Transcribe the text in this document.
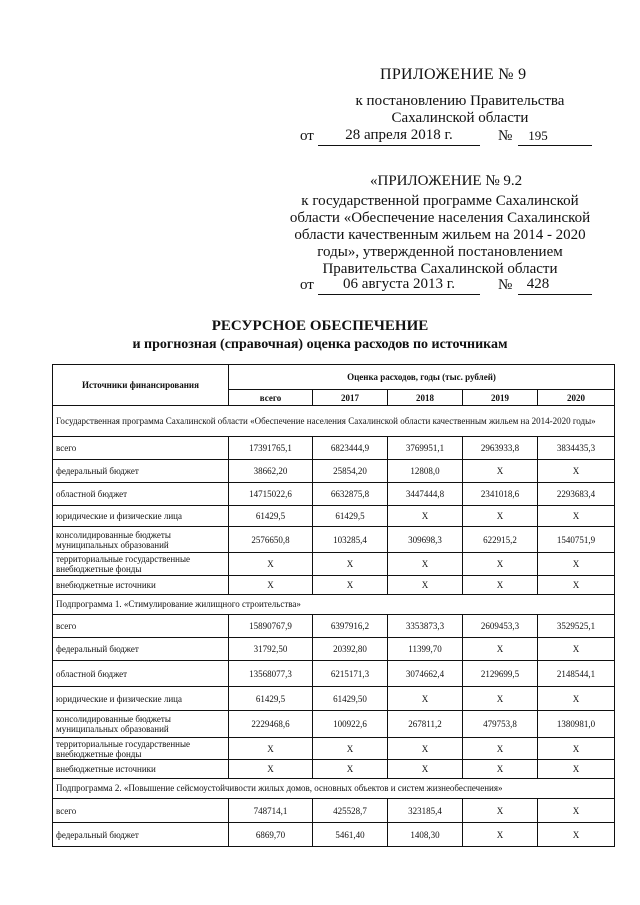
ПРИЛОЖЕНИЕ № 9
к постановлению Правительства
Сахалинской области
от	28 апреля 2018 г.	№	195
«ПРИЛОЖЕНИЕ № 9.2
к государственной программе Сахалинской
области «Обеспечение населения Сахалинской
области качественным жильем на 2014 - 2020
годы», утвержденной постановлением
Правительства Сахалинской области
от	06 августа 2013 г.	№ 428
РЕСУРСНОЕ ОБЕСПЕЧЕНИЕ
и прогнозная (справочная) оценка расходов по источникам
Источники финансирования	Оценка расходов, годы (тыс. рублей)				
	всего	2017	2018	2019	2020
Государственная программа Сахалинской области «Обеспечение населения Сахалинской области качественным жильем на 2014-2020 годы»					
всего	17391765,1	6823444,9	3769951,1	2963933,8	3834435,3
федеральный бюджет	38662,20	25854,20	12808,0	X	X
областной бюджет	14715022,6	6632875,8	3447444,8	2341018,6	2293683,4
юридические и физические лица	61429,5	61429,5	X	X	X
консолидированные бюджеты муниципальных образований	2576650,8	103285,4	309698,3	622915,2	1540751,9
территориальные государственные внебюджетные фонды	X	X	X	X	X
внебюджетные источники	X	X	X	X	X
Подпрограмма 1. «Стимулирование жилищного строительства»					
всего	15890767,9	6397916,2	3353873,3	2609453,3	3529525,1
федеральный бюджет	31792,50	20392,80	11399,70	X	X
областной бюджет	13568077,3	6215171,3	3074662,4	2129699,5	2148544,1
юридические и физические лица	61429,5	61429,50	X	X	X
консолидированные бюджеты муниципальных образований	2229468,6	100922,6	267811,2	479753,8	1380981,0
территориальные государственные внебюджетные фонды	X	X	X	X	X
внебюджетные источники	X	X	X	X	X
Подпрограмма 2. «Повышение сейсмоустойчивости жилых домов, основных объектов и систем жизнеобеспечения»					
всего	748714,1	425528,7	323185,4	X	X
федеральный бюджет	6869,70	5461,40	1408,30	X	X
